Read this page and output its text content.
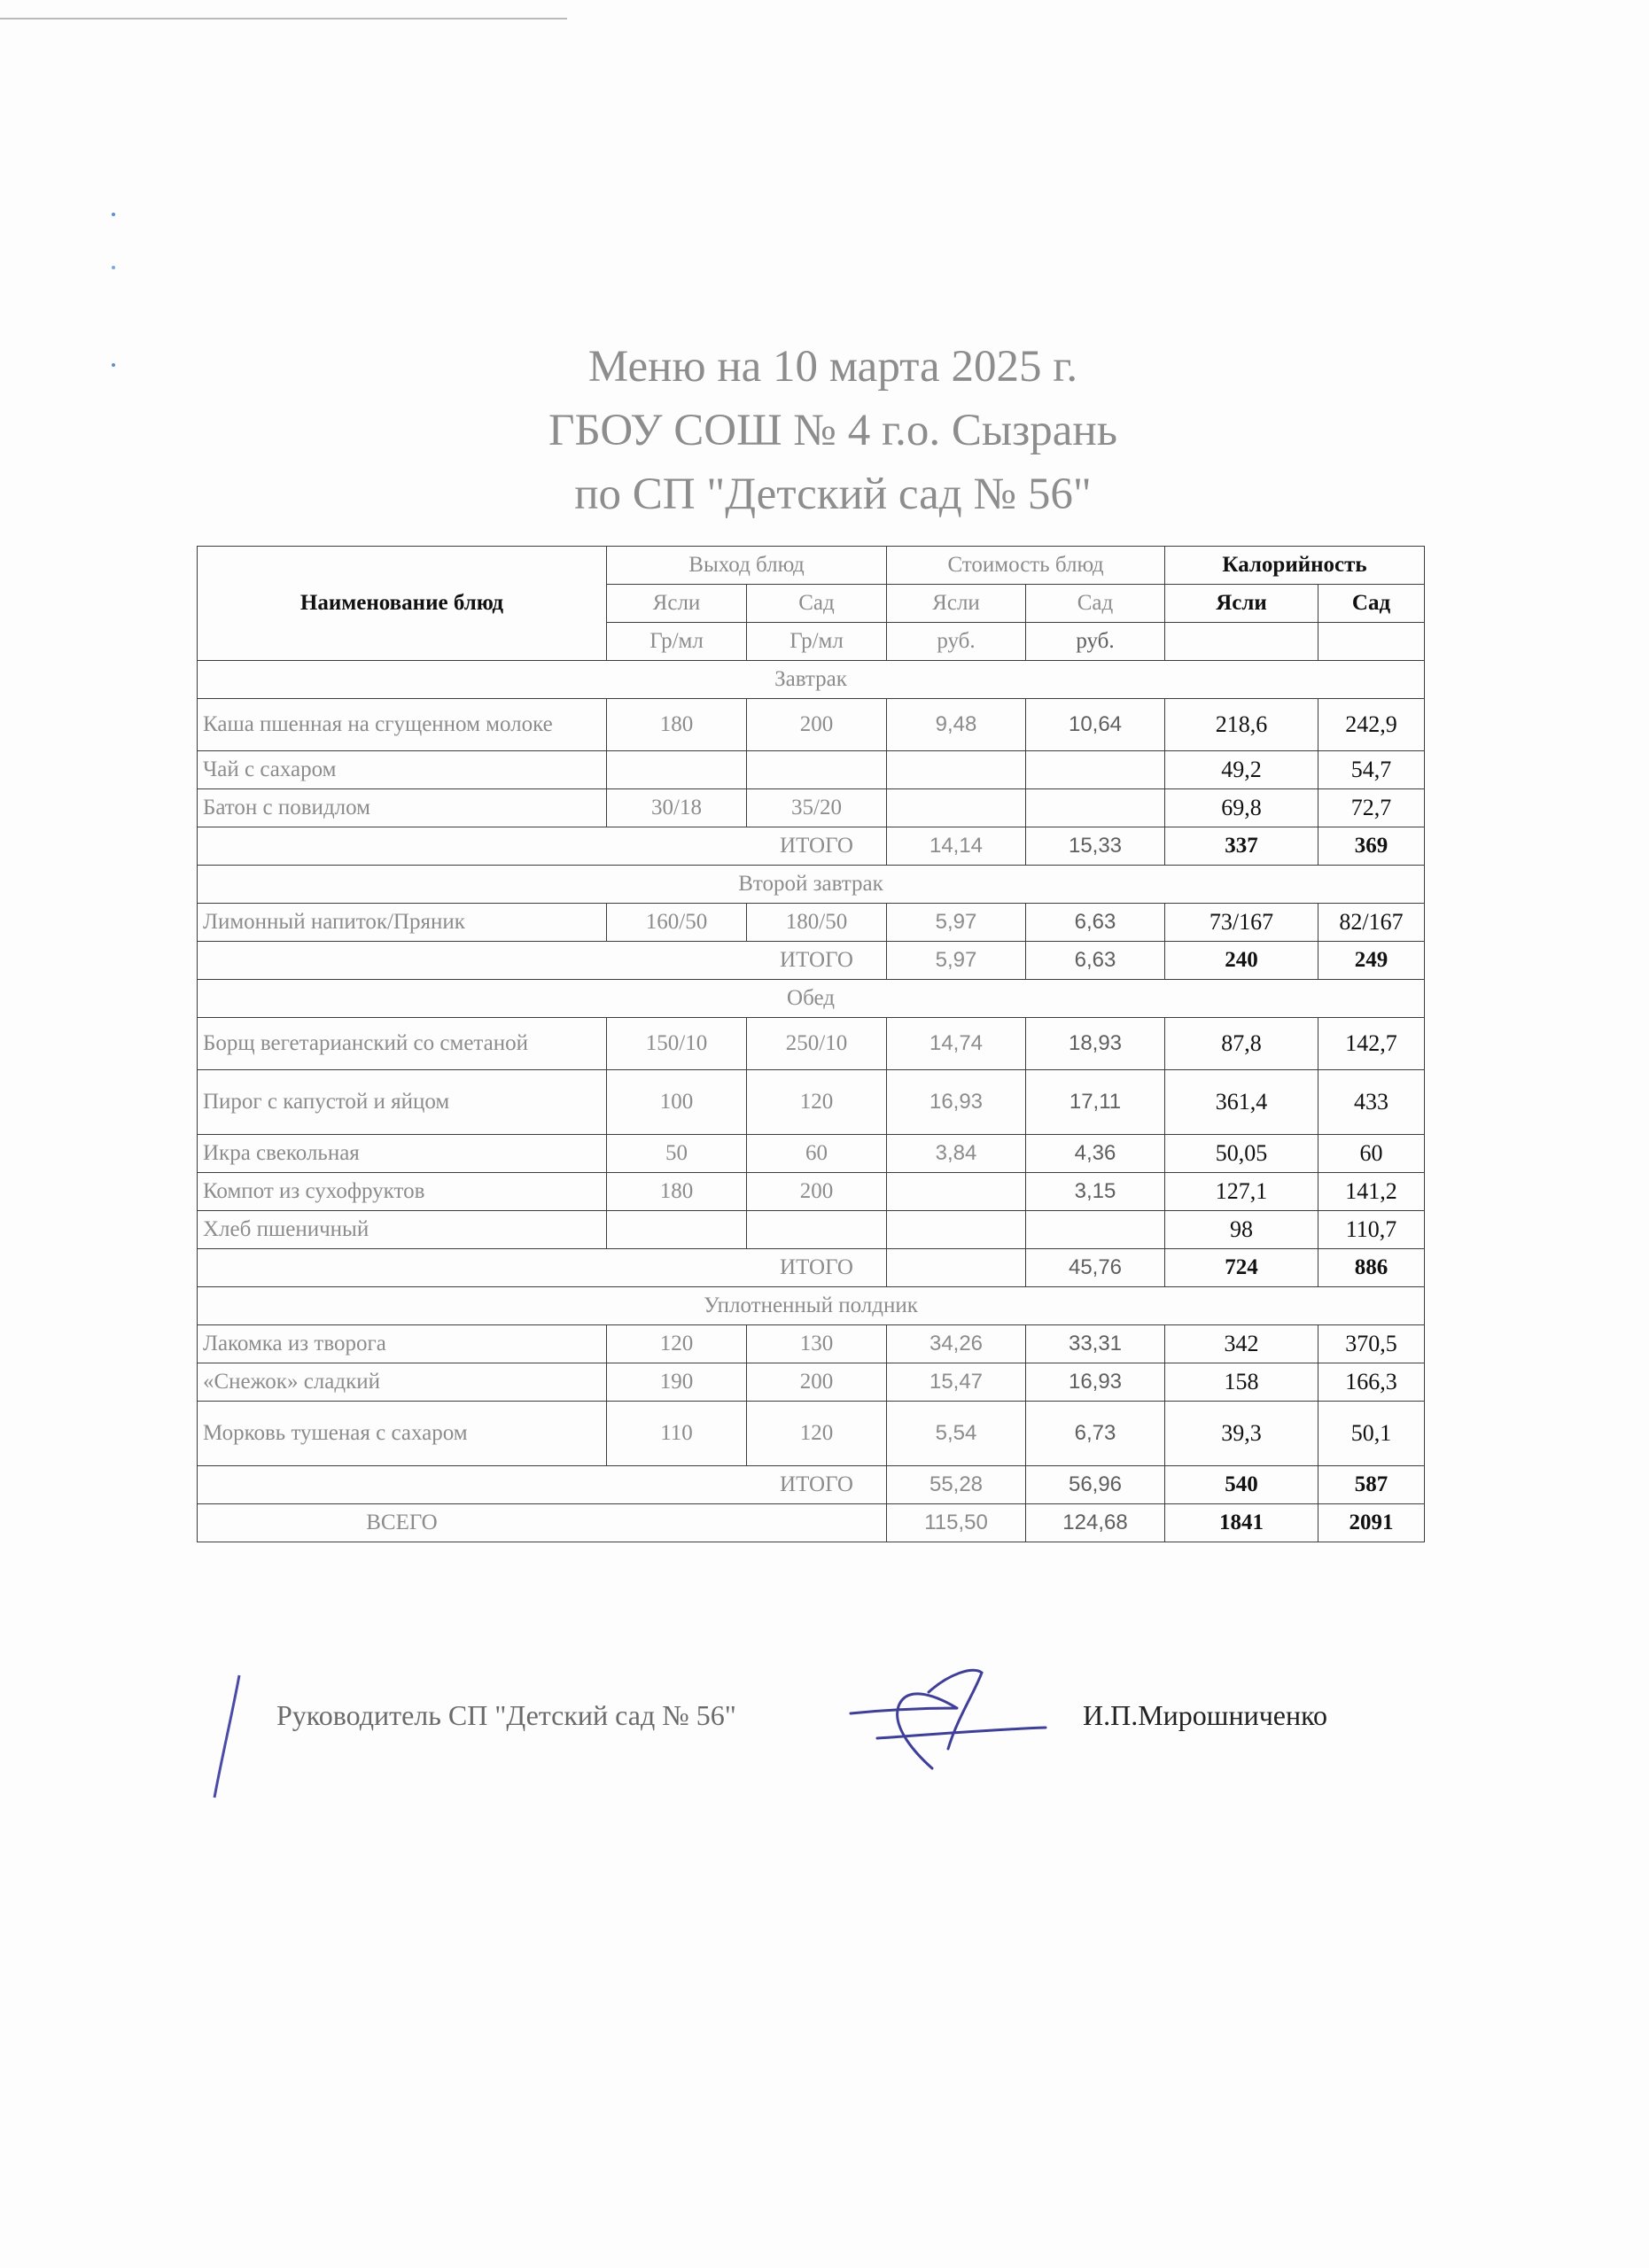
Меню на 10 марта 2025 г.
ГБОУ СОШ № 4 г.о. Сызрань
по СП "Детский сад № 56"
Наименование блюд	Выход блюд		Стоимость блюд		Калорийность	
	Ясли	Сад	Ясли	Сад	Ясли	Сад
	Гр/мл	Гр/мл	руб.	руб.		
Завтрак						
Каша пшенная на сгущенном молоке	180	200	9,48	10,64	218,6	242,9
Чай с сахаром					49,2	54,7
Батон с повидлом	30/18	35/20			69,8	72,7
		ИТОГО	14,14	15,33	337	369
Второй завтрак						
Лимонный напиток/Пряник	160/50	180/50	5,97	6,63	73/167	82/167
		ИТОГО	5,97	6,63	240	249
Обед						
Борщ вегетарианский со сметаной	150/10	250/10	14,74	18,93	87,8	142,7
Пирог с капустой и яйцом	100	120	16,93	17,11	361,4	433
Икра свекольная	50	60	3,84	4,36	50,05	60
Компот из сухофруктов	180	200		3,15	127,1	141,2
Хлеб пшеничный					98	110,7
		ИТОГО		45,76	724	886
Уплотненный полдник						
Лакомка из творога	120	130	34,26	33,31	342	370,5
«Снежок» сладкий	190	200	15,47	16,93	158	166,3
Морковь тушеная с сахаром	110	120	5,54	6,73	39,3	50,1
		ИТОГО	55,28	56,96	540	587
ВСЕГО			115,50	124,68	1841	2091
Руководитель СП "Детский сад № 56"	И.П.Мирошниченко
